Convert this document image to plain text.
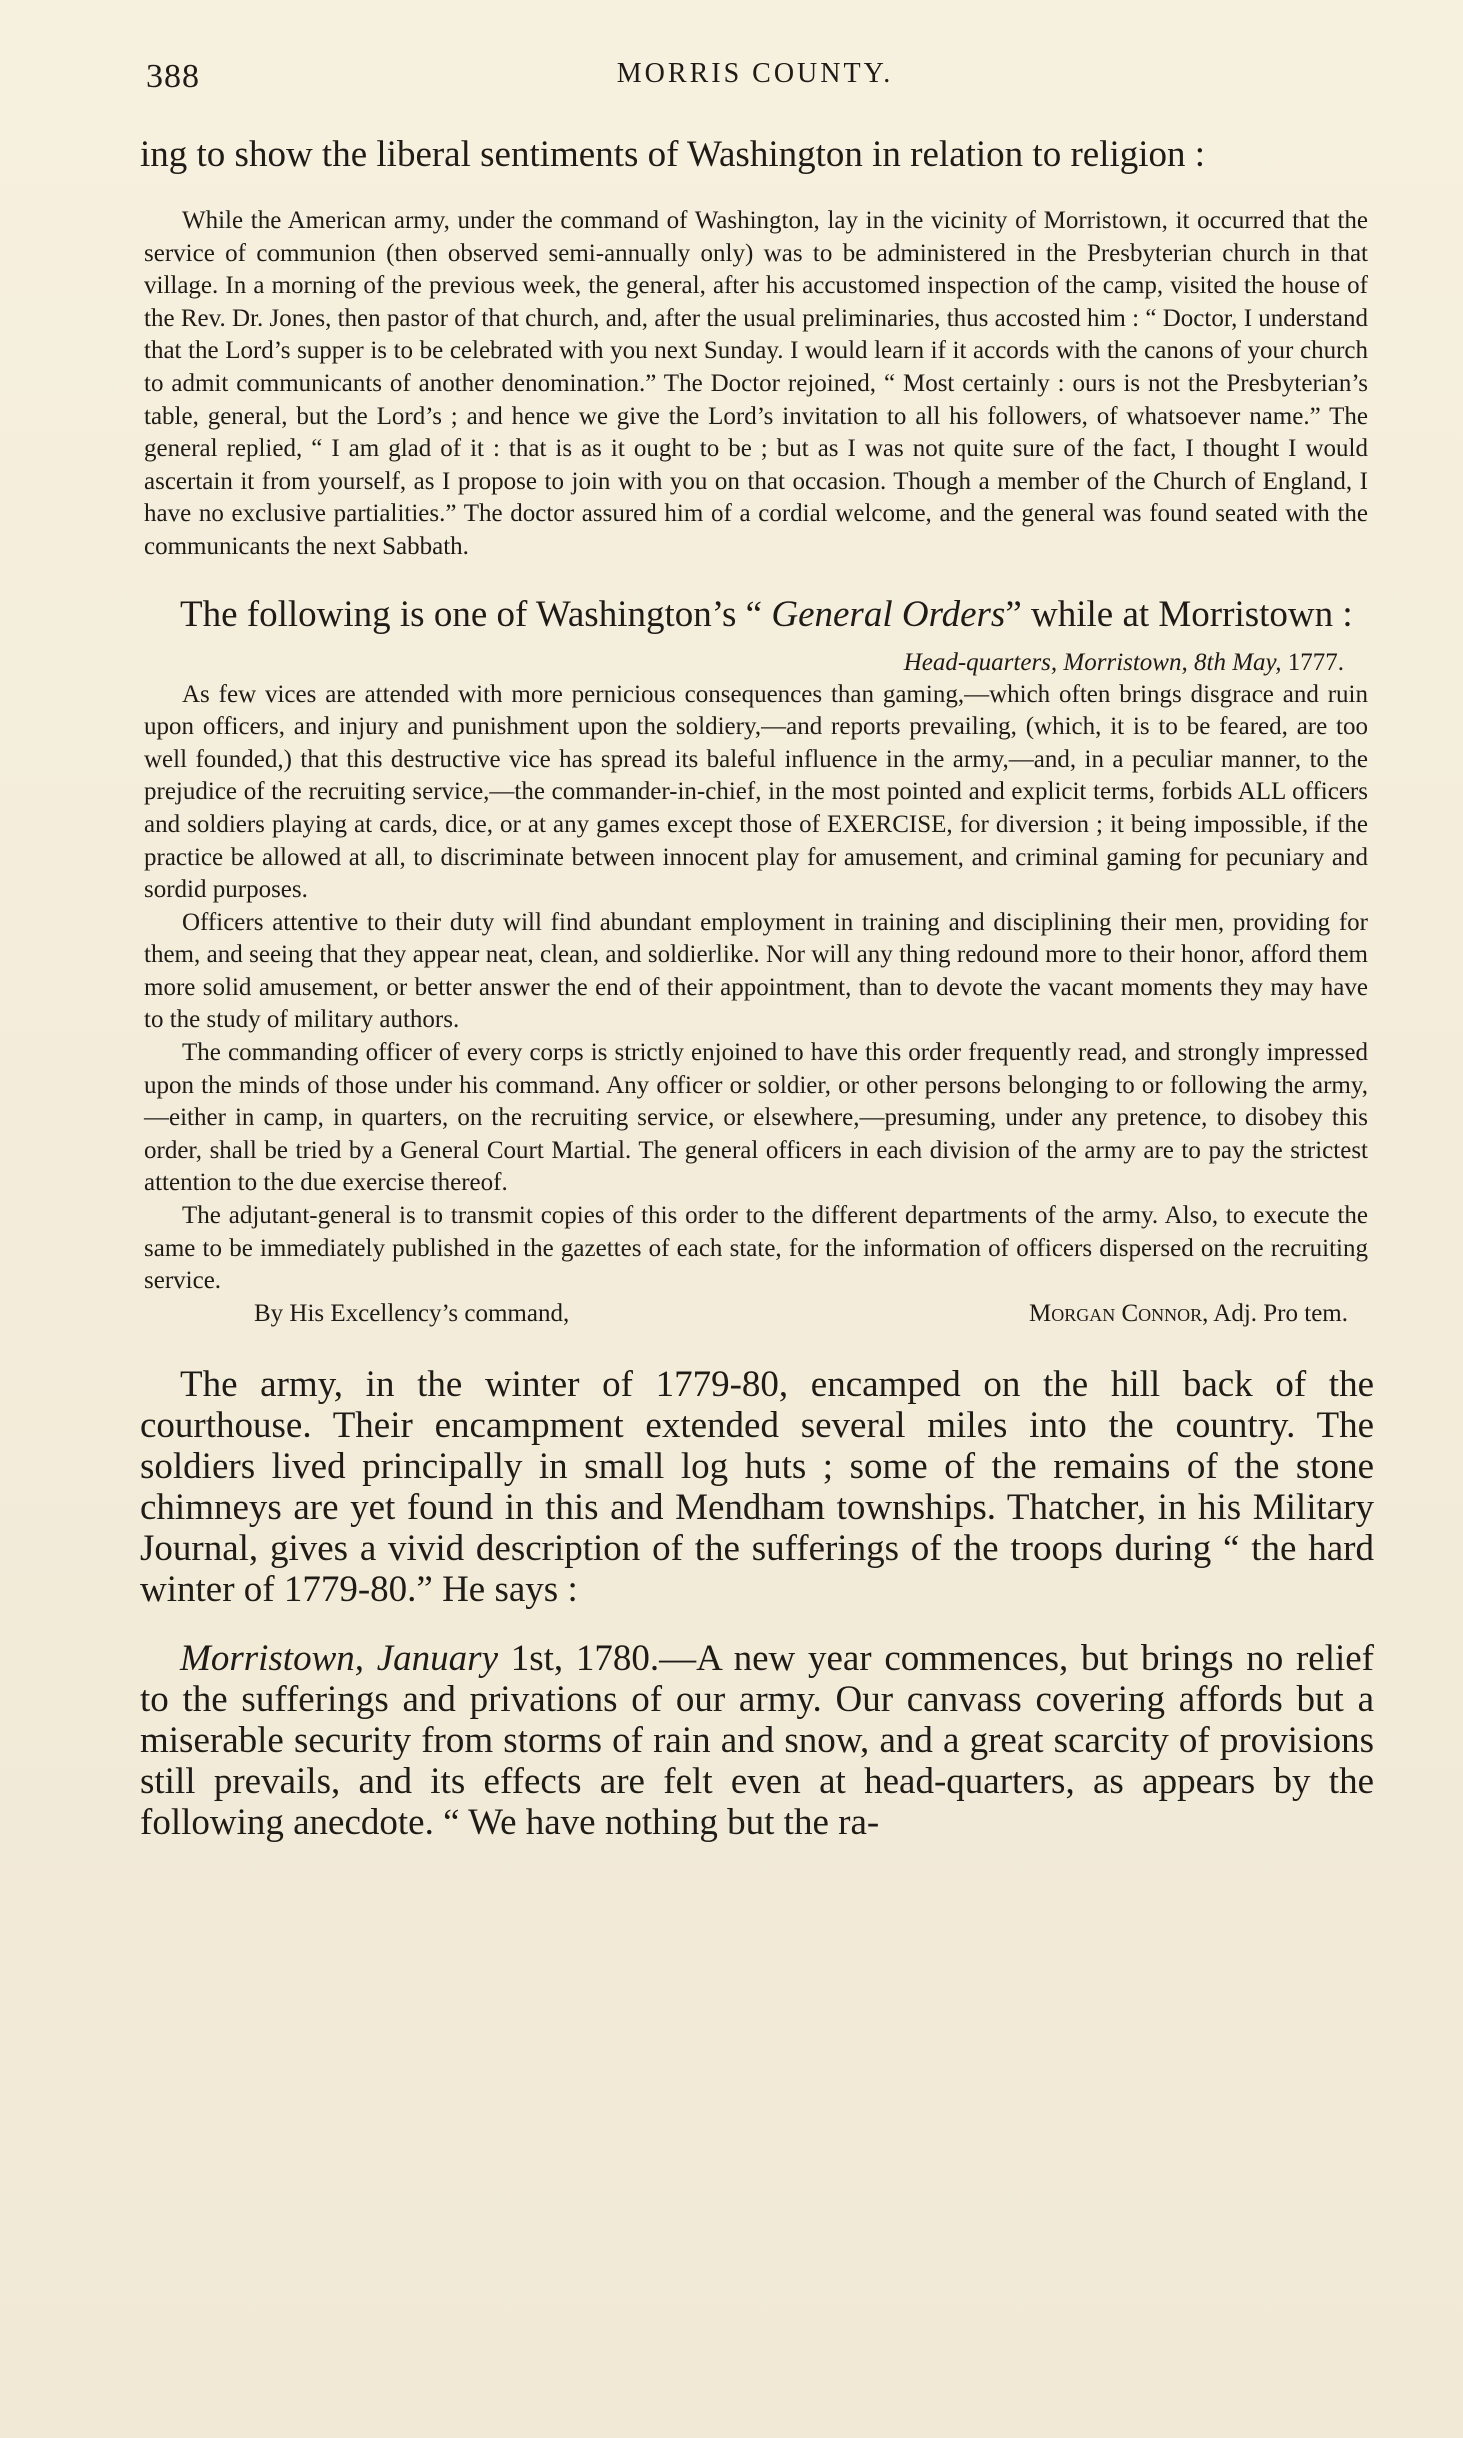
388	MORRIS COUNTY.

ing to show the liberal sentiments of Washington in relation to religion :

While the American army, under the command of Washington, lay in the vicinity of Morristown, it occurred that the service of communion (then observed semi-annually only) was to be administered in the Presbyterian church in that village. In a morning of the previous week, the general, after his accustomed inspection of the camp, visited the house of the Rev. Dr. Jones, then pastor of that church, and, after the usual preliminaries, thus accosted him : “ Doctor, I understand that the Lord’s supper is to be celebrated with you next Sunday. I would learn if it accords with the canons of your church to admit communicants of another denomination.” The Doctor rejoined, “ Most certainly : ours is not the Presbyterian’s table, general, but the Lord’s ; and hence we give the Lord’s invitation to all his followers, of whatsoever name.” The general replied, “ I am glad of it : that is as it ought to be ; but as I was not quite sure of the fact, I thought I would ascertain it from yourself, as I propose to join with you on that occasion. Though a member of the Church of England, I have no exclusive partialities.” The doctor assured him of a cordial welcome, and the general was found seated with the communicants the next Sabbath.

The following is one of Washington’s “ General Orders” while at Morristown :

Head-quarters, Morristown, 8th May, 1777.

As few vices are attended with more pernicious consequences than gaming,—which often brings disgrace and ruin upon officers, and injury and punishment upon the soldiery,—and reports prevailing, (which, it is to be feared, are too well founded,) that this destructive vice has spread its baleful influence in the army,—and, in a peculiar manner, to the prejudice of the recruiting service,—the commander-in-chief, in the most pointed and explicit terms, forbids ALL officers and soldiers playing at cards, dice, or at any games except those of EXERCISE, for diversion ; it being impossible, if the practice be allowed at all, to discriminate between innocent play for amusement, and criminal gaming for pecuniary and sordid purposes.

Officers attentive to their duty will find abundant employment in training and disciplining their men, providing for them, and seeing that they appear neat, clean, and soldierlike. Nor will any thing redound more to their honor, afford them more solid amusement, or better answer the end of their appointment, than to devote the vacant moments they may have to the study of military authors.

The commanding officer of every corps is strictly enjoined to have this order frequently read, and strongly impressed upon the minds of those under his command. Any officer or soldier, or other persons belonging to or following the army,—either in camp, in quarters, on the recruiting service, or elsewhere,—presuming, under any pretence, to disobey this order, shall be tried by a General Court Martial. The general officers in each division of the army are to pay the strictest attention to the due exercise thereof.

The adjutant-general is to transmit copies of this order to the different departments of the army. Also, to execute the same to be immediately published in the gazettes of each state, for the information of officers dispersed on the recruiting service.

By His Excellency’s command,	Morgan Connor, Adj. Pro tem.

The army, in the winter of 1779-80, encamped on the hill back of the courthouse. Their encampment extended several miles into the country. The soldiers lived principally in small log huts ; some of the remains of the stone chimneys are yet found in this and Mendham townships. Thatcher, in his Military Journal, gives a vivid description of the sufferings of the troops during “ the hard winter of 1779-80.” He says :

Morristown, January 1st, 1780.—A new year commences, but brings no relief to the sufferings and privations of our army. Our canvass covering affords but a miserable security from storms of rain and snow, and a great scarcity of provisions still prevails, and its effects are felt even at head-quarters, as appears by the following anecdote. “ We have nothing but the ra-
